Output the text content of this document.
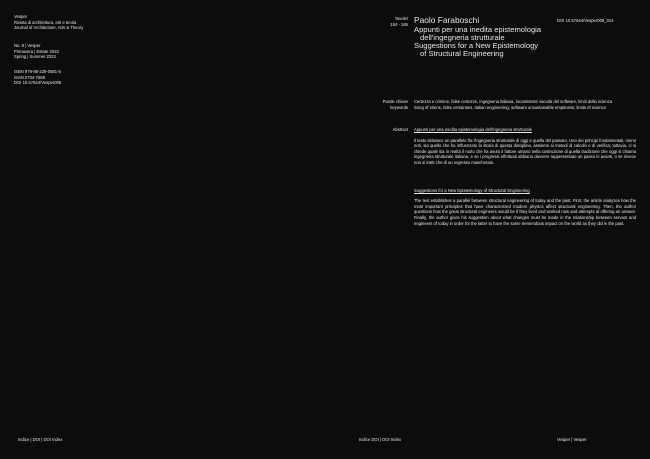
Vesper
Rivista di architettura, arti e teoria
Journal of Architecture, Arts & Theory
No. 8 | Vesper
Primavera | Estate 2023
Spring | Summer 2023
ISBN 979-88-229-0581-5
ISSN 2704-7598
DOI 10.57644/Vesper008
Tavole/
154 - 165 Paolo Faraboschi
Appunti per una inedita epistemologia
dell'ingegneria strutturale
Suggestions for a New Epistemology
of Structural Engineering
DOI 10.57644/Vesper008_014
Parole chiave
keywords
Certezza e crimine, false certezze, ingegneria italiana, incosistente vacuità del software, limiti della scienza
Song of sirens, false certainties, Italian engineering, software unsustainable emptiness, limits of science
Abstract Appunti per una inedita epistemologia dell'ingegneria strutturale
Il testo istituisce un parallelo fra l'ingegneria strutturale di oggi e quella del passato. Uno dei principi fondamentali, meno noti, sia quello che ha influenzato la storia di questa disciplina, assieme ai metodi di calcolo e di verifica; tuttavia, ci si chiede quale sia in realtà il ruolo che ha avuto il fattore umano nella costruzione di quella tradizione che oggi si chiama ingegneria strutturale italiana, e se i progressi effettuati abbiano davvero rappresentato un passo in avanti, o se invece non si tratti che di un regresso mascherato.
Suggestions for a New Epistemology of Structural Engineering
The text establishes a parallel between structural engineering of today and the past. First, the article analyzes how the most important principles that have characterized modern physics affect structural engineering. Then, the author questions how the great structural engineers would be if they lived and worked now and attempts at offering an answer. Finally, the author gives his suggestion about what changes must be made in the relationship between servant and engineers of today in order for the latter to have the same tremendous impact on the world as they did in the past.
Indice | DOI | DOI Index	Indice DOI | DOI Index	Vesper | Vesper
